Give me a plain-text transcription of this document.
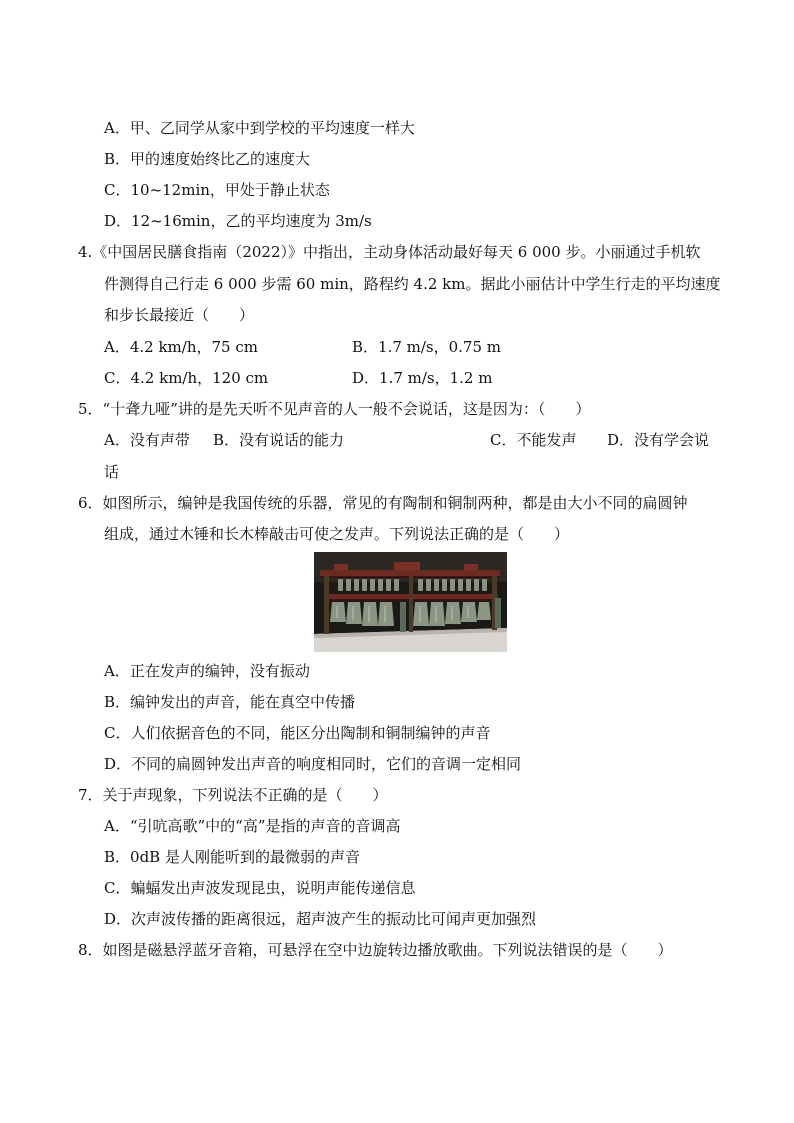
A．甲、乙同学从家中到学校的平均速度一样大
B．甲的速度始终比乙的速度大
C．10~12min，甲处于静止状态
D．12~16min，乙的平均速度为 3m/s
4.《中国居民膳食指南（2022）》中指出，主动身体活动最好每天 6 000 步。小丽通过手机软
件测得自己行走 6 000 步需 60 min，路程约 4.2 km。据此小丽估计中学生行走的平均速度
和步长最接近（　　）
A．4.2 km/h，75 cm	B．1.7 m/s，0.75 m
C．4.2 km/h，120 cm	D．1.7 m/s，1.2 m
5．“十聋九哑”讲的是先天听不见声音的人一般不会说话，这是因为：（　　）
A．没有声带 B．没有说话的能力	C．不能发声 D．没有学会说
话
6．如图所示，编钟是我国传统的乐器，常见的有陶制和铜制两种，都是由大小不同的扁圆钟
组成，通过木锤和长木棒敲击可使之发声。下列说法正确的是（　　）
A．正在发声的编钟，没有振动
B．编钟发出的声音，能在真空中传播
C．人们依据音色的不同，能区分出陶制和铜制编钟的声音
D．不同的扁圆钟发出声音的响度相同时，它们的音调一定相同
7．关于声现象，下列说法不正确的是（　　）
A．“引吭高歌”中的“高”是指的声音的音调高
B．0dB 是人刚能听到的最微弱的声音
C．蝙蝠发出声波发现昆虫，说明声能传递信息
D．次声波传播的距离很远，超声波产生的振动比可闻声更加强烈
8．如图是磁悬浮蓝牙音箱，可悬浮在空中边旋转边播放歌曲。下列说法错误的是（　　）
